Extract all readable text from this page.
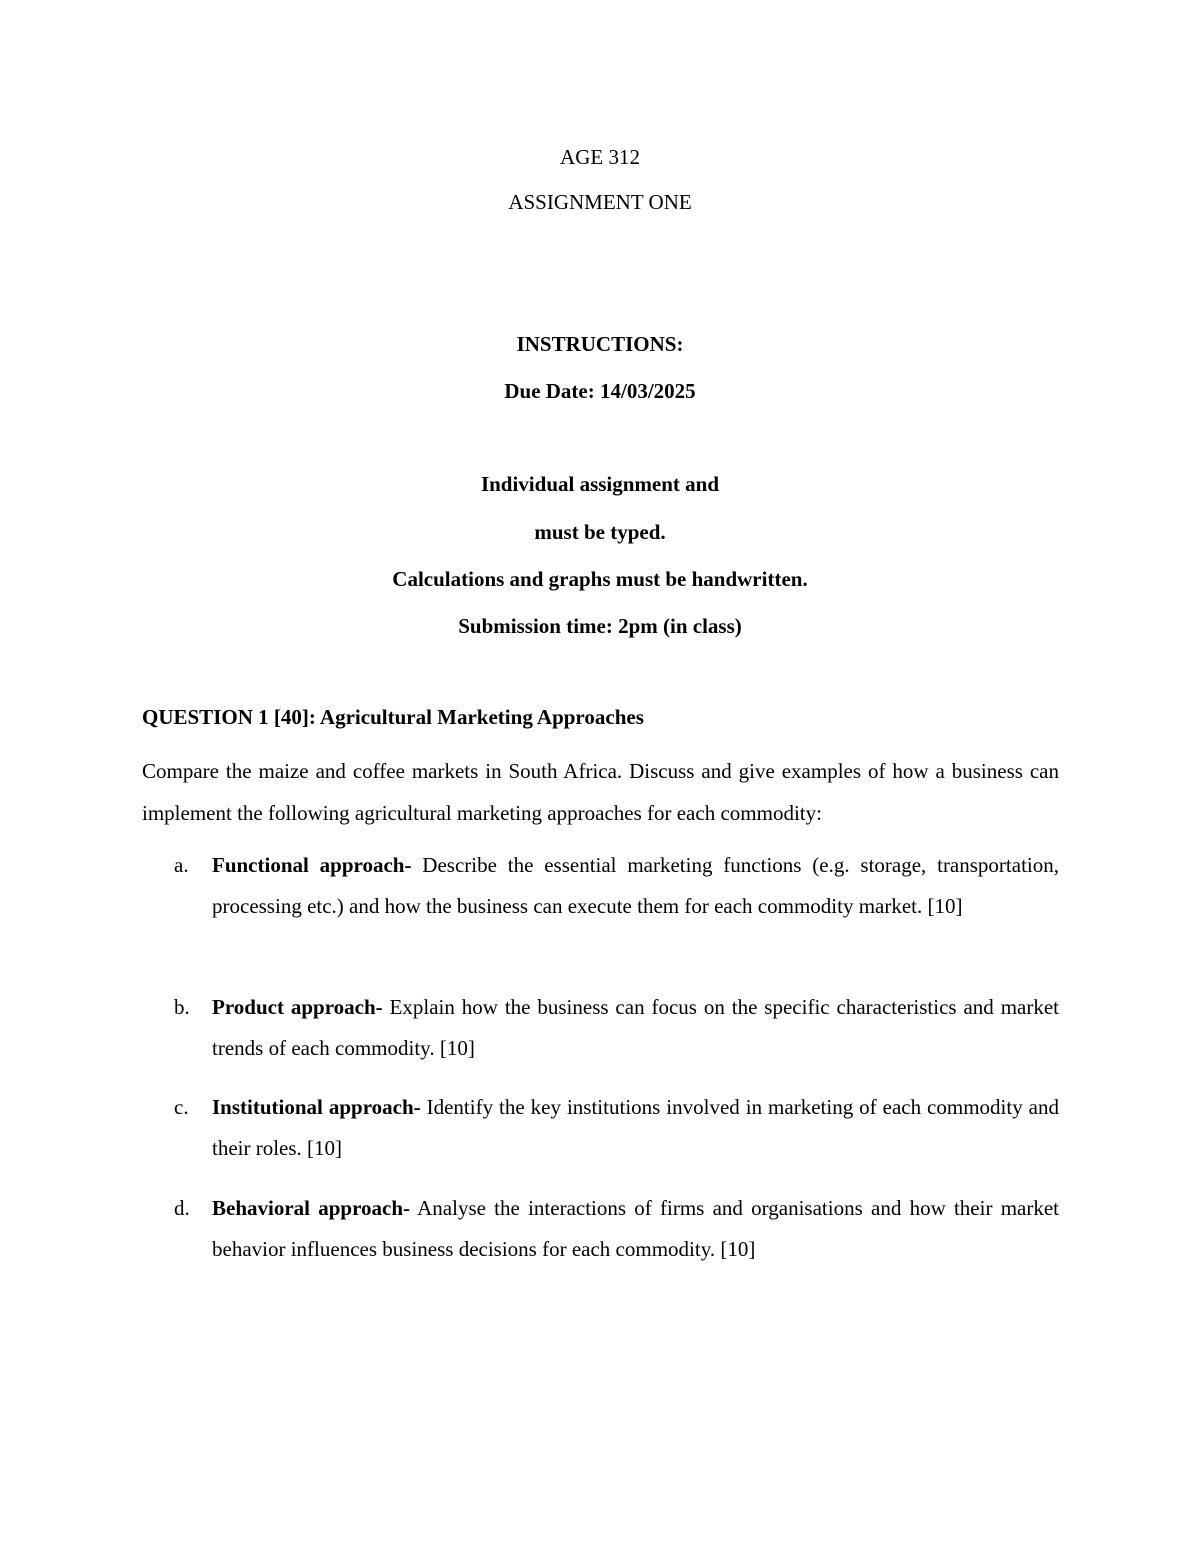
AGE 312

ASSIGNMENT ONE

INSTRUCTIONS:

Due Date: 14/03/2025

Individual assignment and

must be typed.

Calculations and graphs must be handwritten.

Submission time: 2pm (in class)

QUESTION 1 [40]: Agricultural Marketing Approaches

Compare the maize and coffee markets in South Africa. Discuss and give examples of how a business can implement the following agricultural marketing approaches for each commodity:

a. Functional approach- Describe the essential marketing functions (e.g. storage, transportation, processing etc.) and how the business can execute them for each commodity market. [10]
b. Product approach- Explain how the business can focus on the specific characteristics and market trends of each commodity. [10]
c. Institutional approach- Identify the key institutions involved in marketing of each commodity and their roles. [10]
d. Behavioral approach- Analyse the interactions of firms and organisations and how their market behavior influences business decisions for each commodity. [10]
